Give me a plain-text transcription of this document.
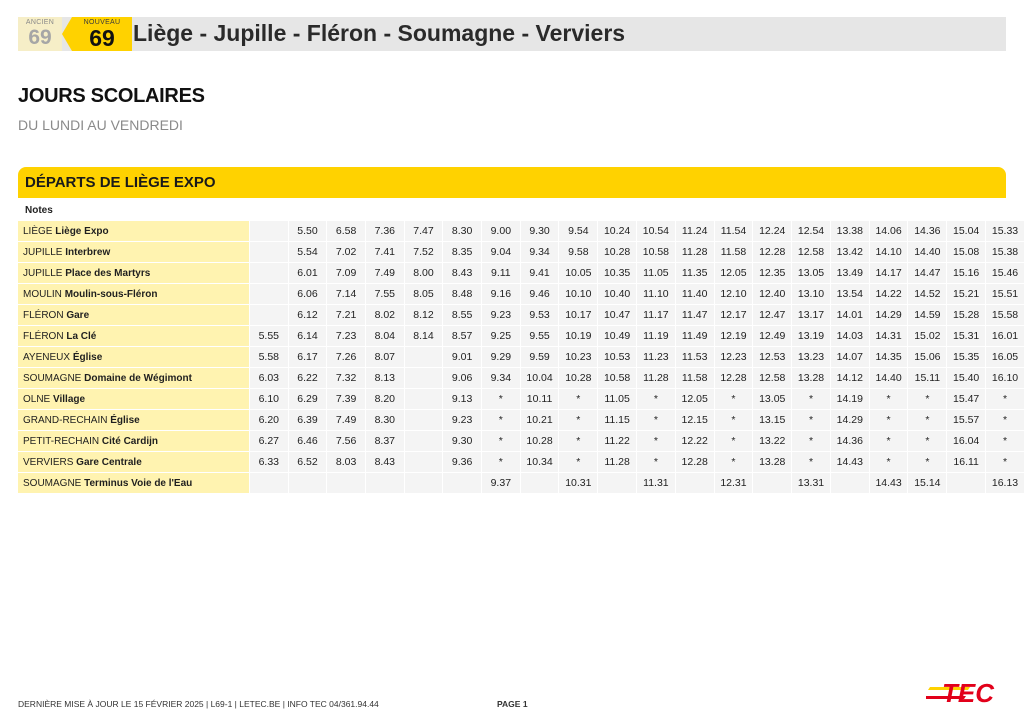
ANCIEN
69
NOUVEAU
69 Liège - Jupille - Fléron - Soumagne - Verviers
JOURS SCOLAIRES
DU LUNDI AU VENDREDI
DÉPARTS DE LIÈGE EXPO
Notes
LIÈGE Liège Expo		5.50	6.58	7.36	7.47	8.30	9.00	9.30	9.54	10.24	10.54	11.24	11.54	12.24	12.54	13.38	14.06	14.36	15.04	15.33
JUPILLE Interbrew		5.54	7.02	7.41	7.52	8.35	9.04	9.34	9.58	10.28	10.58	11.28	11.58	12.28	12.58	13.42	14.10	14.40	15.08	15.38
JUPILLE Place des Martyrs		6.01	7.09	7.49	8.00	8.43	9.11	9.41	10.05	10.35	11.05	11.35	12.05	12.35	13.05	13.49	14.17	14.47	15.16	15.46
MOULIN Moulin-sous-Fléron		6.06	7.14	7.55	8.05	8.48	9.16	9.46	10.10	10.40	11.10	11.40	12.10	12.40	13.10	13.54	14.22	14.52	15.21	15.51
FLÉRON Gare		6.12	7.21	8.02	8.12	8.55	9.23	9.53	10.17	10.47	11.17	11.47	12.17	12.47	13.17	14.01	14.29	14.59	15.28	15.58
FLÉRON La Clé	5.55	6.14	7.23	8.04	8.14	8.57	9.25	9.55	10.19	10.49	11.19	11.49	12.19	12.49	13.19	14.03	14.31	15.02	15.31	16.01
AYENEUX Église	5.58	6.17	7.26	8.07		9.01	9.29	9.59	10.23	10.53	11.23	11.53	12.23	12.53	13.23	14.07	14.35	15.06	15.35	16.05
SOUMAGNE Domaine de Wégimont	6.03	6.22	7.32	8.13		9.06	9.34	10.04	10.28	10.58	11.28	11.58	12.28	12.58	13.28	14.12	14.40	15.11	15.40	16.10
OLNE Village	6.10	6.29	7.39	8.20		9.13	*	10.11	*	11.05	*	12.05	*	13.05	*	14.19	*	*	15.47	*
GRAND-RECHAIN Église	6.20	6.39	7.49	8.30		9.23	*	10.21	*	11.15	*	12.15	*	13.15	*	14.29	*	*	15.57	*
PETIT-RECHAIN Cité Cardijn	6.27	6.46	7.56	8.37		9.30	*	10.28	*	11.22	*	12.22	*	13.22	*	14.36	*	*	16.04	*
VERVIERS Gare Centrale	6.33	6.52	8.03	8.43		9.36	*	10.34	*	11.28	*	12.28	*	13.28	*	14.43	*	*	16.11	*
SOUMAGNE Terminus Voie de l'Eau							9.37		10.31		11.31		12.31		13.31		14.43	15.14		16.13
DERNIÈRE MISE À JOUR LE 15 FÉVRIER 2025 | L69-1 | LETEC.BE | INFO TEC 04/361.94.44	PAGE 1	TEC
